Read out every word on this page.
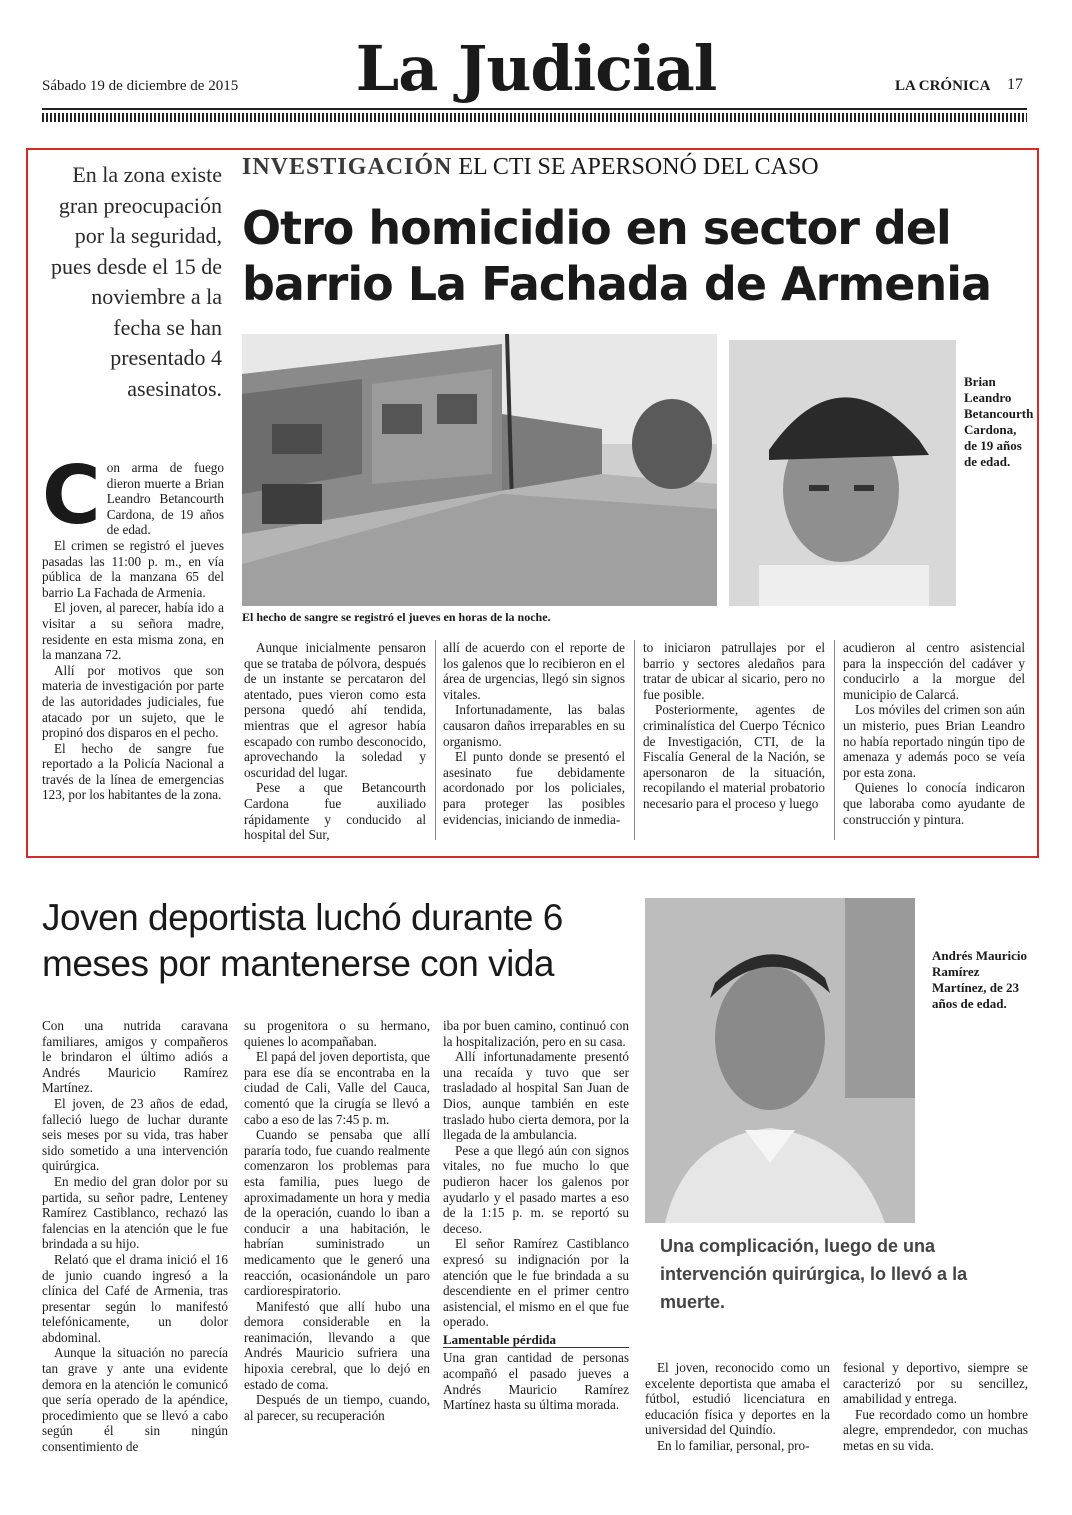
Sábado 19 de diciembre de 2015	La Judicial	LA CRÓNICA 17
En la zona existe gran preocupación por la seguridad, pues desde el 15 de noviembre a la fecha se han presentado 4 asesinatos.
INVESTIGACIÓN EL CTI SE APERSONÓ DEL CASO
Otro homicidio en sector del barrio La Fachada de Armenia
El hecho de sangre se registró el jueves en horas de la noche.
Brian Leandro Betancourth Cardona, de 19 años de edad.
C on arma de fuego dieron muerte a Brian Leandro Betancourth Cardona, de 19 años de edad.

El crimen se registró el jueves pasadas las 11:00 p. m., en vía pública de la manzana 65 del barrio La Fachada de Armenia.

El joven, al parecer, había ido a visitar a su señora madre, residente en esta misma zona, en la manzana 72.

Allí por motivos que son materia de investigación por parte de las autoridades judiciales, fue atacado por un sujeto, que le propinó dos disparos en el pecho.

El hecho de sangre fue reportado a la Policía Nacional a través de la línea de emergencias 123, por los habitantes de la zona.

Aunque inicialmente pensaron que se trataba de pólvora, después de un instante se percataron del atentado, pues vieron como esta persona quedó ahí tendida, mientras que el agresor había escapado con rumbo desconocido, aprovechando la soledad y oscuridad del lugar.

Pese a que Betancourth Cardona fue auxiliado rápidamente y conducido al hospital del Sur,

allí de acuerdo con el reporte de los galenos que lo recibieron en el área de urgencias, llegó sin signos vitales.

Infortunadamente, las balas causaron daños irreparables en su organismo.

El punto donde se presentó el asesinato fue debidamente acordonado por los policiales, para proteger las posibles evidencias, iniciando de inmedia-

to iniciaron patrullajes por el barrio y sectores aledaños para tratar de ubicar al sicario, pero no fue posible.

Posteriormente, agentes de criminalística del Cuerpo Técnico de Investigación, CTI, de la Fiscalía General de la Nación, se apersonaron de la situación, recopilando el material probatorio necesario para el proceso y luego

acudieron al centro asistencial para la inspección del cadáver y conducirlo a la morgue del municipio de Calarcá.

Los móviles del crimen son aún un misterio, pues Brian Leandro no había reportado ningún tipo de amenaza y además poco se veía por esta zona.

Quienes lo conocía indicaron que laboraba como ayudante de construcción y pintura.

Joven deportista luchó durante 6 meses por mantenerse con vida	Andrés Mauricio Ramírez Martínez, de 23 años de edad.
Una complicación, luego de una intervención quirúrgica, lo llevó a la muerte.

Con una nutrida caravana familiares, amigos y compañeros le brindaron el último adiós a Andrés Mauricio Ramírez Martínez.

El joven, de 23 años de edad, falleció luego de luchar durante seis meses por su vida, tras haber sido sometido a una intervención quirúrgica.

En medio del gran dolor por su partida, su señor padre, Lenteney Ramírez Castiblanco, rechazó las falencias en la atención que le fue brindada a su hijo.

Relató que el drama inició el 16 de junio cuando ingresó a la clínica del Café de Armenia, tras presentar según lo manifestó telefónicamente, un dolor abdominal.

Aunque la situación no parecía tan grave y ante una evidente demora en la atención le comunicó que sería operado de la apéndice, procedimiento que se llevó a cabo según él sin ningún consentimiento de

su progenitora o su hermano, quienes lo acompañaban.

El papá del joven deportista, que para ese día se encontraba en la ciudad de Cali, Valle del Cauca, comentó que la cirugía se llevó a cabo a eso de las 7:45 p. m.

Cuando se pensaba que allí pararía todo, fue cuando realmente comenzaron los problemas para esta familia, pues luego de aproximadamente un hora y media de la operación, cuando lo iban a conducir a una habitación, le habrían suministrado un medicamento que le generó una reacción, ocasionándole un paro cardiorespiratorio.

Manifestó que allí hubo una demora considerable en la reanimación, llevando a que Andrés Mauricio sufriera una hipoxia cerebral, que lo dejó en estado de coma.

Después de un tiempo, cuando, al parecer, su recuperación

iba por buen camino, continuó con la hospitalización, pero en su casa.

Allí infortunadamente presentó una recaída y tuvo que ser trasladado al hospital San Juan de Dios, aunque también en este traslado hubo cierta demora, por la llegada de la ambulancia.

Pese a que llegó aún con signos vitales, no fue mucho lo que pudieron hacer los galenos por ayudarlo y el pasado martes a eso de la 1:15 p. m. se reportó su deceso.

El señor Ramírez Castiblanco expresó su indignación por la atención que le fue brindada a su descendiente en el primer centro asistencial, el mismo en el que fue operado.

Lamentable pérdida

Una gran cantidad de personas acompañó el pasado jueves a Andrés Mauricio Ramírez Martínez hasta su última morada.

El joven, reconocido como un excelente deportista que amaba el fútbol, estudió licenciatura en educación física y deportes en la universidad del Quindío.

En lo familiar, personal, pro-

fesional y deportivo, siempre se caracterizó por su sencillez, amabilidad y entrega.

Fue recordado como un hombre alegre, emprendedor, con muchas metas en su vida.
